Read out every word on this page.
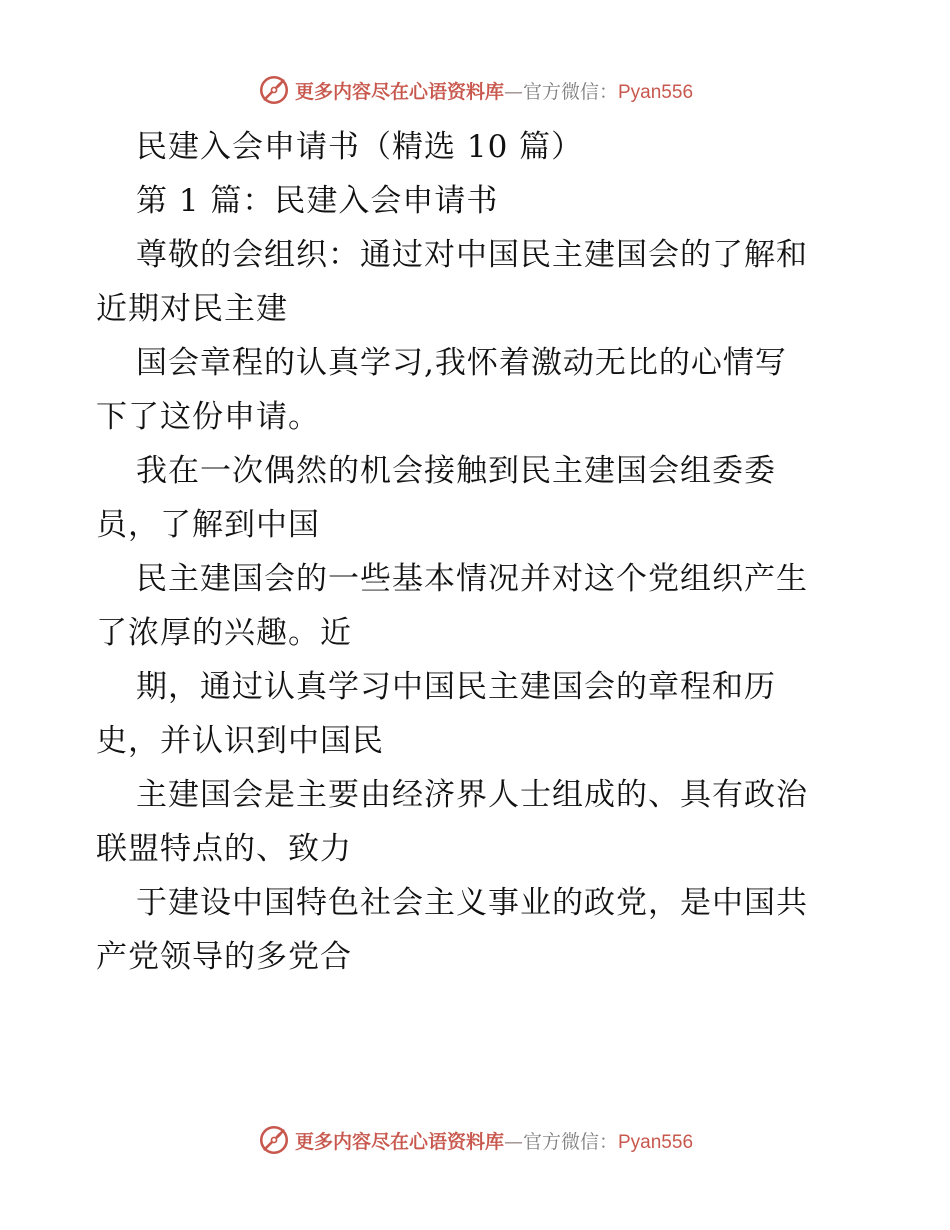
更多内容尽在心语资料库—官方微信：Pyan556
民建入会申请书（精选 10 篇）
第 1 篇：民建入会申请书
尊敬的会组织：通过对中国民主建国会的了解和
近期对民主建
国会章程的认真学习,我怀着激动无比的心情写
下了这份申请。
我在一次偶然的机会接触到民主建国会组委委
员，了解到中国
民主建国会的一些基本情况并对这个党组织产生
了浓厚的兴趣。近
期，通过认真学习中国民主建国会的章程和历
史，并认识到中国民
主建国会是主要由经济界人士组成的、具有政治
联盟特点的、致力
于建设中国特色社会主义事业的政党，是中国共
产党领导的多党合
更多内容尽在心语资料库—官方微信：Pyan556
